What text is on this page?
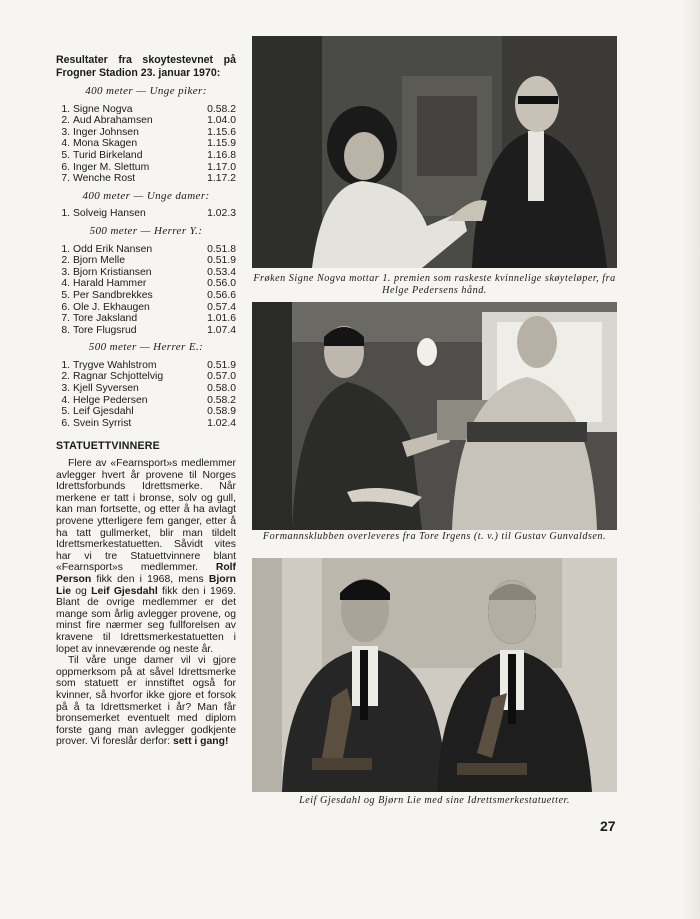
Resultater fra skoytestevnet på
Frogner Stadion 23. januar 1970:
400 meter — Unge piker:
1. Signe Nogva	0.58.2
2. Aud Abrahamsen	1.04.0
3. Inger Johnsen	1.15.6
4. Mona Skagen	1.15.9
5. Turid Birkeland	1.16.8
6. Inger M. Slettum	1.17.0
7. Wenche Rost	1.17.2
400 meter — Unge damer:
1. Solveig Hansen	1.02.3
500 meter — Herrer Y.:
1. Odd Erik Nansen	0.51.8
2. Bjorn Melle	0.51.9
3. Bjorn Kristiansen	0.53.4
4. Harald Hammer	0.56.0
5. Per Sandbrekkes	0.56.6
6. Ole J. Ekhaugen	0.57.4
7. Tore Jaksland	1.01.6
8. Tore Flugsrud	1.07.4
500 meter — Herrer E.:
1. Trygve Wahlstrom	0.51.9
2. Ragnar Schjottelvig	0.57.0
3. Kjell Syversen	0.58.0
4. Helge Pedersen	0.58.2
5. Leif Gjesdahl	0.58.9
6. Svein Syrrist	1.02.4
STATUETTVINNERE

Flere av «Fearnsport»s medlemmer avlegger hvert år provene til Norges Idrettsforbunds Idrettsmerke. Når merkene er tatt i bronse, solv og gull, kan man fortsette, og etter å ha avlagt provene ytterligere fem ganger, etter å ha tatt gullmerket, blir man tildelt Idrettsmerkestatuetten. Såvidt vites har vi tre Statuettvinnere blant «Fearnsport»s medlemmer. Rolf Person fikk den i 1968, mens Bjorn Lie og Leif Gjesdahl fikk den i 1969. Blant de ovrige medlemmer er det mange som årlig avlegger provene, og minst fire nærmer seg fullforelsen av kravene til Idrettsmerkestatuetten i lopet av inneværende og neste år.

Til våre unge damer vil vi gjore oppmerksom på at såvel Idrettsmerke som statuett er innstiftet også for kvinner, så hvorfor ikke gjore et forsok på å ta Idrettsmerket i år? Man får bronsemerket eventuelt med diplom forste gang man avlegger godkjente prover. Vi foreslår derfor: sett i gang!

Frøken Signe Nogva mottar 1. premien som raskeste kvinnelige skøyteløper, fra Helge Pedersens hånd.
Formannsklubben overleveres fra Tore Irgens (t. v.) til Gustav Gunvaldsen.
Leif Gjesdahl og Bjørn Lie med sine Idrettsmerkestatuetter.
27
